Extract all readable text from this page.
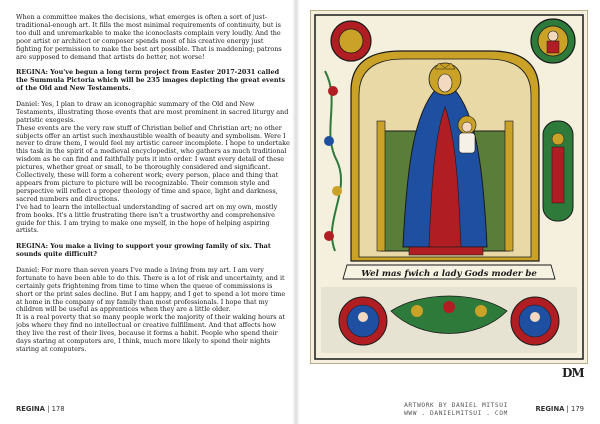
When a committee makes the decisions, what emerges is often a sort of just-traditional-enough art. It fills the most minimal requirements of continuity, but is too dull and unremarkable to make the iconoclasts complain very loudly. And the poor artist or architect or composer spends most of his creative energy just fighting for permission to make the best art possible. That is maddening; patrons are supposed to demand that artists do better, not worse!

REGINA: You've begun a long term project from Easter 2017-2031 called the Summula Pictoria which will be 235 images depicting the great events of the Old and New Testaments.

Daniel: Yes, I plan to draw an iconographic summary of the Old and New Testaments, illustrating those events that are most prominent in sacred liturgy and patristic exegesis.
These events are the very raw stuff of Christian belief and Christian art; no other subjects offer an artist such inexhaustible wealth of beauty and symbolism. Were I never to draw them, I would feel my artistic career incomplete. I hope to undertake this task in the spirit of a medieval encyclopedist, who gathers as much traditional wisdom as he can find and faithfully puts it into order. I want every detail of these pictures, whether great or small, to be thoroughly considered and significant. Collectively, these will form a coherent work; every person, place and thing that appears from picture to picture will be recognizable. Their common style and perspective will reflect a proper theology of time and space, light and darkness, sacred numbers and directions.
I've had to learn the intellectual understanding of sacred art on my own, mostly from books. It's a little frustrating there isn't a trustworthy and comprehensive guide for this. I am trying to make one myself, in the hope of helping aspiring artists.

REGINA: You make a living to support your growing family of six. That sounds quite difficult?

Daniel: For more than seven years I've made a living from my art. I am very fortunate to have been able to do this. There is a lot of risk and uncertainty, and it certainly gets frightening from time to time when the queue of commissions is short or the print sales decline. But I am happy, and I get to spend a lot more time at home in the company of my family than most professionals. I hope that my children will be useful as apprentices when they are a little older.
It is a real poverty that so many people work the majority of their waking hours at jobs where they find no intellectual or creative fulfillment. And that affects how they live the rest of their lives, because it forms a habit. People who spend their days staring at computers are, I think, much more likely to spend their nights staring at computers.

REGINA | 178
Wel mas fwich a lady Gods moder be
DM
ARTWORK BY DANIEL MITSUI
WWW . DANIELMITSUI . COM
REGINA | 179
